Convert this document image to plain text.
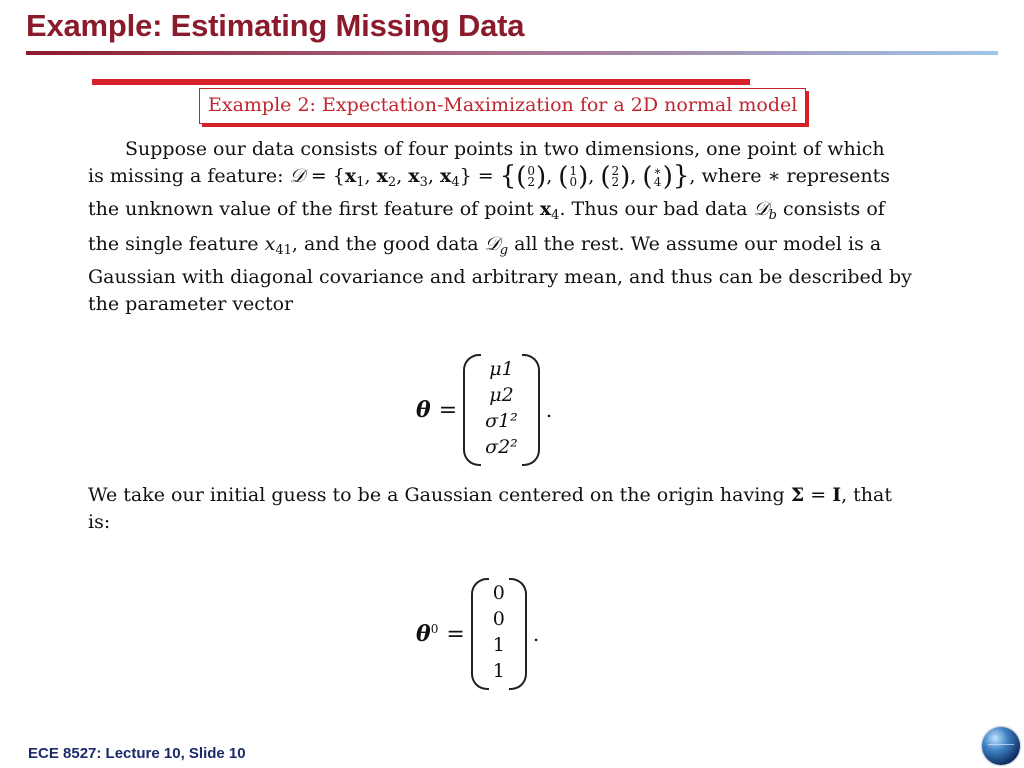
Example: Estimating Missing Data
Example 2: Expectation-Maximization for a 2D normal model
Suppose our data consists of four points in two dimensions, one point of which
is missing a feature: 𝒟 = {$x_1$, $x_2$, $x_3$, $x_4$} = {( 0
2 ), ( 1
0 ), ( 2
2 ), ( ∗
4 )}, where ∗ represents
the unknown value of the first feature of point $x_4$. Thus our bad data 𝒟$_b$ consists of
the single feature $x_{41}$, and the good data 𝒟$_g$ all the rest. We assume our model is a
Gaussian with diagonal covariance and arbitrary mean, and thus can be described by
the parameter vector
θ =
μ1
μ2
σ1²
σ2²
.
We take our initial guess to be a Gaussian centered on the origin having Σ = I, that
is:
$\theta^0$ =
0
0
1
1
.
ECE 8527: Lecture 10, Slide 10
